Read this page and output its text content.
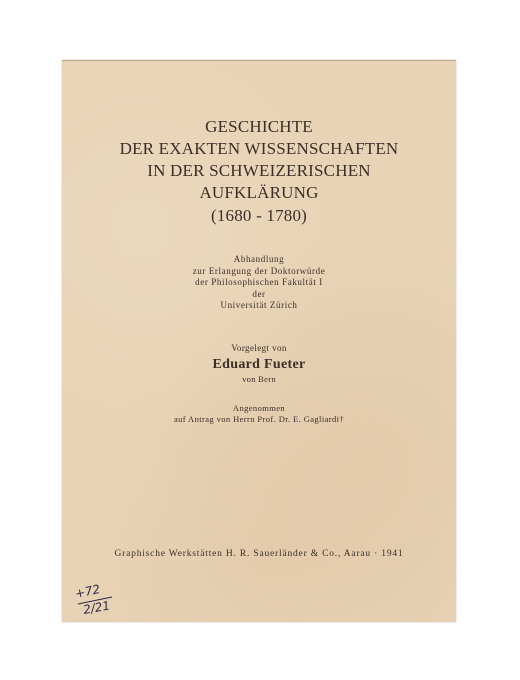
GESCHICHTE
DER EXAKTEN WISSENSCHAFTEN
IN DER SCHWEIZERISCHEN
AUFKLÄRUNG
(1680 - 1780)
Abhandlung
zur Erlangung der Doktorwürde
der Philosophischen Fakultät I
der
Universität Zürich
Vorgelegt von
Eduard Fueter
von Bern
Angenommen
auf Antrag von Herrn Prof. Dr. E. Gagliardi†
Graphische Werkstätten H. R. Sauerländer & Co., Aarau · 1941
+72
2/21
